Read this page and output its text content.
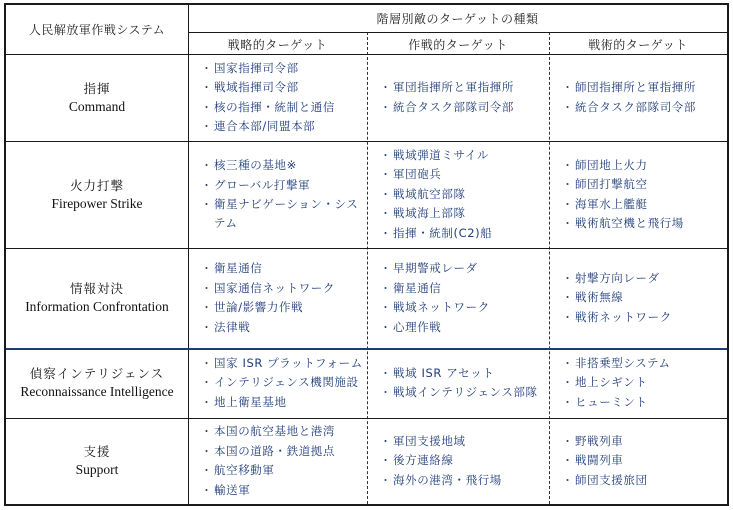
人民解放軍作戦システム
階層別敵のターゲットの種類
戦略的ターゲット	作戦的ターゲット	戦術的ターゲット
指揮
Command
・ 国家指揮司令部
・ 戦域指揮司令部
・ 核の指揮・統制と通信
・ 連合本部/同盟本部
・ 軍団指揮所と軍指揮所
・ 統合タスク部隊司令部
・ 師団指揮所と軍指揮所
・ 統合タスク部隊司令部
火力打撃
Firepower Strike
・ 核三種の基地※
・ グローバル打撃軍
・ 衛星ナビゲーション・システム
・ 戦域弾道ミサイル
・ 軍団砲兵
・ 戦域航空部隊
・ 戦域海上部隊
・ 指揮・統制(C2)船
・ 師団地上火力
・ 師団打撃航空
・ 海軍水上艦艇
・ 戦術航空機と飛行場
情報対決
Information Confrontation
・ 衛星通信
・ 国家通信ネットワーク
・ 世論/影響力作戦
・ 法律戦
・ 早期警戒レーダ
・ 衛星通信
・ 戦域ネットワーク
・ 心理作戦
・ 射撃方向レーダ
・ 戦術無線
・ 戦術ネットワーク
偵察インテリジェンス
Reconnaissance Intelligence
・ 国家 ISR プラットフォーム
・ インテリジェンス機関施設
・ 地上衛星基地
・ 戦域 ISR アセット
・ 戦域インテリジェンス部隊
・ 非搭乗型システム
・ 地上シギント
・ ヒューミント
支援
Support
・ 本国の航空基地と港湾
・ 本国の道路・鉄道拠点
・ 航空移動軍
・ 輸送軍
・ 軍団支援地域
・ 後方連絡線
・ 海外の港湾・飛行場
・ 野戦列車
・ 戦闘列車
・ 師団支援旅団
